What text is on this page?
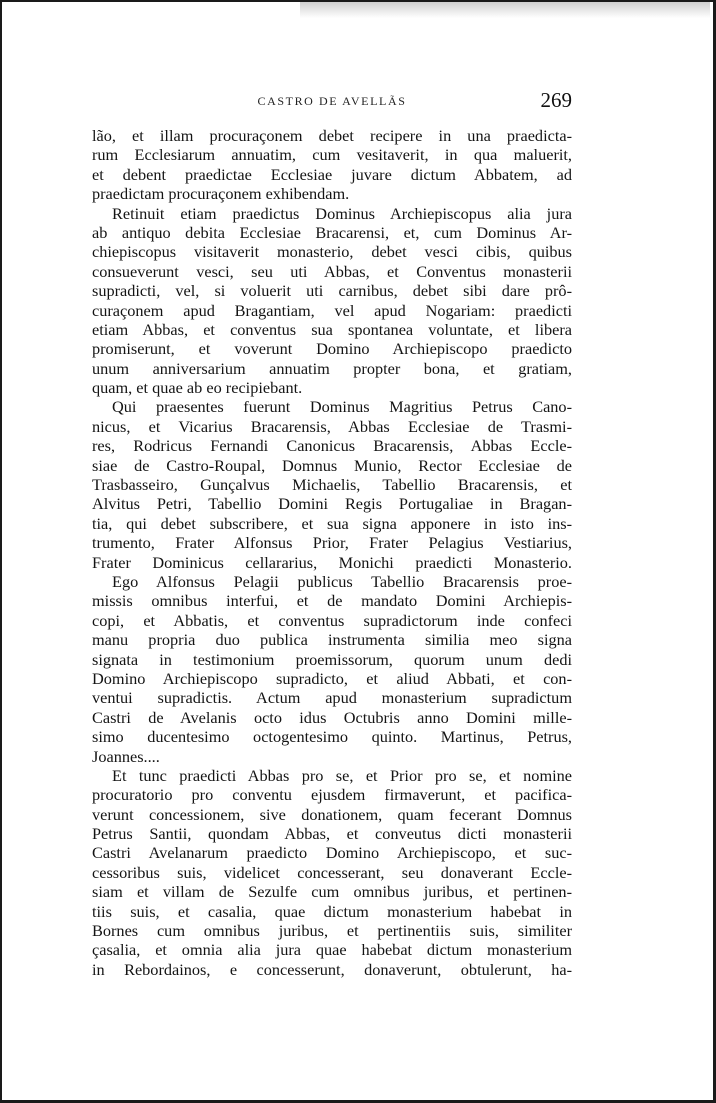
CASTRO DE AVELLÃS	269
lão, et illam procuraçonem debet recipere in una praedicta-
rum Ecclesiarum annuatim, cum vesitaverit, in qua maluerit,
et debent praedictae Ecclesiae juvare dictum Abbatem, ad
praedictam procuraçonem exhibendam.
Retinuit etiam praedictus Dominus Archiepiscopus alia jura
ab antiquo debita Ecclesiae Bracarensi, et, cum Dominus Ar-
chiepiscopus visitaverit monasterio, debet vesci cibis, quibus
consueverunt vesci, seu uti Abbas, et Conventus monasterii
supradicti, vel, si voluerit uti carnibus, debet sibi dare prô-
curaçonem apud Bragantiam, vel apud Nogariam: praedicti
etiam Abbas, et conventus sua spontanea voluntate, et libera
promiserunt, et voverunt Domino Archiepiscopo praedicto
unum anniversarium annuatim propter bona, et gratiam,
quam, et quae ab eo recipiebant.
Qui praesentes fuerunt Dominus Magritius Petrus Cano-
nicus, et Vicarius Bracarensis, Abbas Ecclesiae de Trasmi-
res, Rodricus Fernandi Canonicus Bracarensis, Abbas Eccle-
siae de Castro-Roupal, Domnus Munio, Rector Ecclesiae de
Trasbasseiro, Gunçalvus Michaelis, Tabellio Bracarensis, et
Alvitus Petri, Tabellio Domini Regis Portugaliae in Bragan-
tia, qui debet subscribere, et sua signa apponere in isto ins-
trumento, Frater Alfonsus Prior, Frater Pelagius Vestiarius,
Frater Dominicus cellararius, Monichi praedicti Monasterio.
Ego Alfonsus Pelagii publicus Tabellio Bracarensis proe-
missis omnibus interfui, et de mandato Domini Archiepis-
copi, et Abbatis, et conventus supradictorum inde confeci
manu propria duo publica instrumenta similia meo signa
signata in testimonium proemissorum, quorum unum dedi
Domino Archiepiscopo supradicto, et aliud Abbati, et con-
ventui supradictis. Actum apud monasterium supradictum
Castri de Avelanis octo idus Octubris anno Domini mille-
simo ducentesimo octogentesimo quinto. Martinus, Petrus,
Joannes....
Et tunc praedicti Abbas pro se, et Prior pro se, et nomine
procuratorio pro conventu ejusdem firmaverunt, et pacifica-
verunt concessionem, sive donationem, quam fecerant Domnus
Petrus Santii, quondam Abbas, et conveutus dicti monasterii
Castri Avelanarum praedicto Domino Archiepiscopo, et suc-
cessoribus suis, videlicet concesserant, seu donaverant Eccle-
siam et villam de Sezulfe cum omnibus juribus, et pertinen-
tiis suis, et casalia, quae dictum monasterium habebat in
Bornes cum omnibus juribus, et pertinentiis suis, similiter
çasalia, et omnia alia jura quae habebat dictum monasterium
in Rebordainos, e concesserunt, donaverunt, obtulerunt, ha-
